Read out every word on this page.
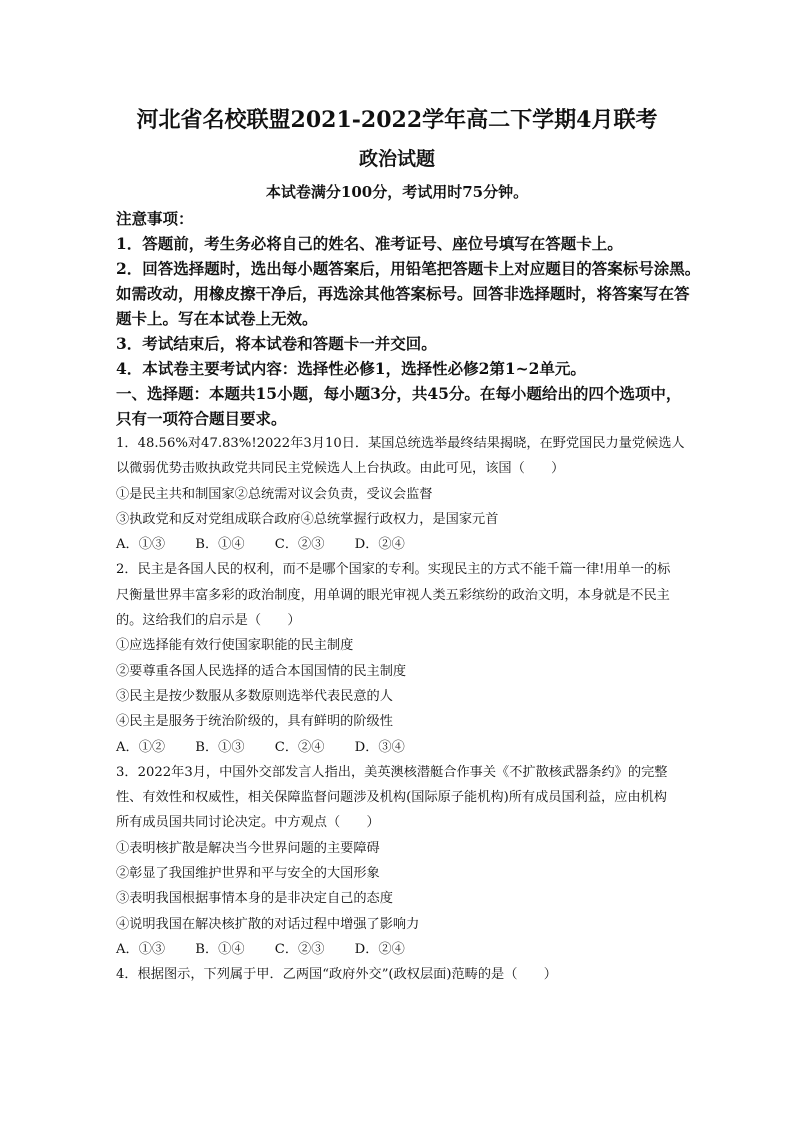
河北省名校联盟2021-2022学年高二下学期4月联考
政治试题
本试卷满分100分，考试用时75分钟。

注意事项：

1．答题前，考生务必将自己的姓名、准考证号、座位号填写在答题卡上。

2．回答选择题时，选出每小题答案后，用铅笔把答题卡上对应题目的答案标号涂黑。

如需改动，用橡皮擦干净后，再选涂其他答案标号。回答非选择题时，将答案写在答

题卡上。写在本试卷上无效。

3．考试结束后，将本试卷和答题卡一并交回。

4．本试卷主要考试内容：选择性必修1，选择性必修2第1~2单元。

一、选择题：本题共15小题，每小题3分，共45分。在每小题给出的四个选项中，

只有一项符合题目要求。

1．48.56%对47.83%!2022年3月10日．某国总统选举最终结果揭晓，在野党国民力量党候选人

以微弱优势击败执政党共同民主党候选人上台执政。由此可见，该国（　　）

①是民主共和制国家②总统需对议会负责，受议会监督

③执政党和反对党组成联合政府④总统掌握行政权力，是国家元首

A．①③ B．①④ C．②③ D．②④

2．民主是各国人民的权利，而不是哪个国家的专利。实现民主的方式不能千篇一律!用单一的标

尺衡量世界丰富多彩的政治制度，用单调的眼光审视人类五彩缤纷的政治文明，本身就是不民主

的。这给我们的启示是（　　）

①应选择能有效行使国家职能的民主制度

②要尊重各国人民选择的适合本国国情的民主制度

③民主是按少数服从多数原则选举代表民意的人

④民主是服务于统治阶级的，具有鲜明的阶级性

A．①② B．①③ C．②④ D．③④

3．2022年3月，中国外交部发言人指出，美英澳核潜艇合作事关《不扩散核武器条约》的完整

性、有效性和权威性，相关保障监督问题涉及机构(国际原子能机构)所有成员国利益，应由机构

所有成员国共同讨论决定。中方观点（　　）

①表明核扩散是解决当今世界问题的主要障碍

②彰显了我国维护世界和平与安全的大国形象

③表明我国根据事情本身的是非决定自己的态度

④说明我国在解决核扩散的对话过程中增强了影响力

A．①③ B．①④ C．②③ D．②④

4．根据图示，下列属于甲．乙两国“政府外交”(政权层面)范畴的是（　　）
